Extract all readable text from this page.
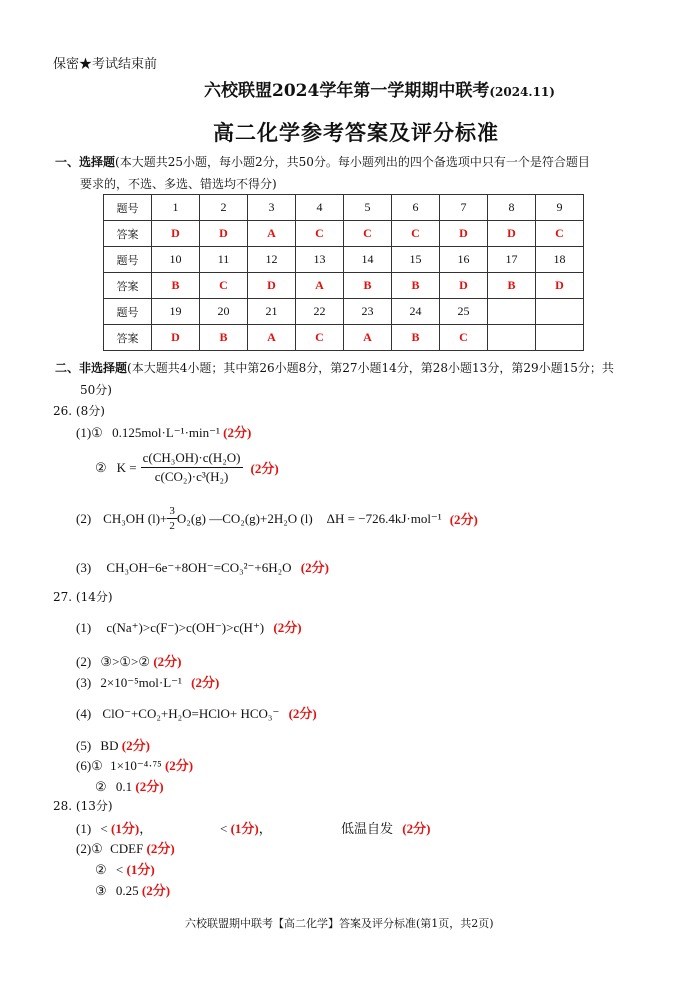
保密★考试结束前
六校联盟2024学年第一学期期中联考(2024.11)
高二化学参考答案及评分标准
一、选择题(本大题共25小题，每小题2分，共50分。每小题列出的四个备选项中只有一个是符合题目
要求的，不选、多选、错选均不得分)
题号	1	2	3	4	5	6	7	8	9
答案	D	D	A	C	C	C	D	D	C
题号	10	11	12	13	14	15	16	17	18
答案	B	C	D	A	B	B	D	B	D
题号	19	20	21	22	23	24	25		
答案	D	B	A	C	A	B	C		
二、非选择题(本大题共4小题；其中第26小题8分，第27小题14分，第28小题13分，第29小题15分；共
50分)
26. (8分)
(1)① 0.125mol·L⁻¹·min⁻¹ (2分)
② $K = \frac{\text{c(CH₃OH)·c(H₂O)}}{\text{c(CO₂)·c³(H₂)}} (2$分)
(2) CH₃OH $(l)+ \frac{3}{2} O_2(g)$ —CO₂(g)+2H₂O (l) ΔH = −726.4kJ·mol⁻¹ (2分)
(3) CH₃OH−6e⁻+8OH⁻=CO₃²⁻+6H₂O (2分)
27. (14分)
(1) c(Na⁺)>c(F⁻)>c(OH⁻)>c(H⁺) (2分)
(2) ③>①>② (2分)
(3) 2×10⁻⁵mol·L⁻¹ (2分)
(4) ClO⁻+CO₂+H₂O=HClO+ HCO₃⁻ (2分)
(5) BD (2分)
(6)① 1×10⁻⁴·⁷⁵ (2分)
② 0.1 (2分)
28. (13分)
(1) < (1分)，	< (1分)，	低温自发 (2分)
(2)① CDEF (2分)
② < (1分)
③ 0.25 (2分)
六校联盟期中联考【高二化学】答案及评分标准(第1页，共2页)
